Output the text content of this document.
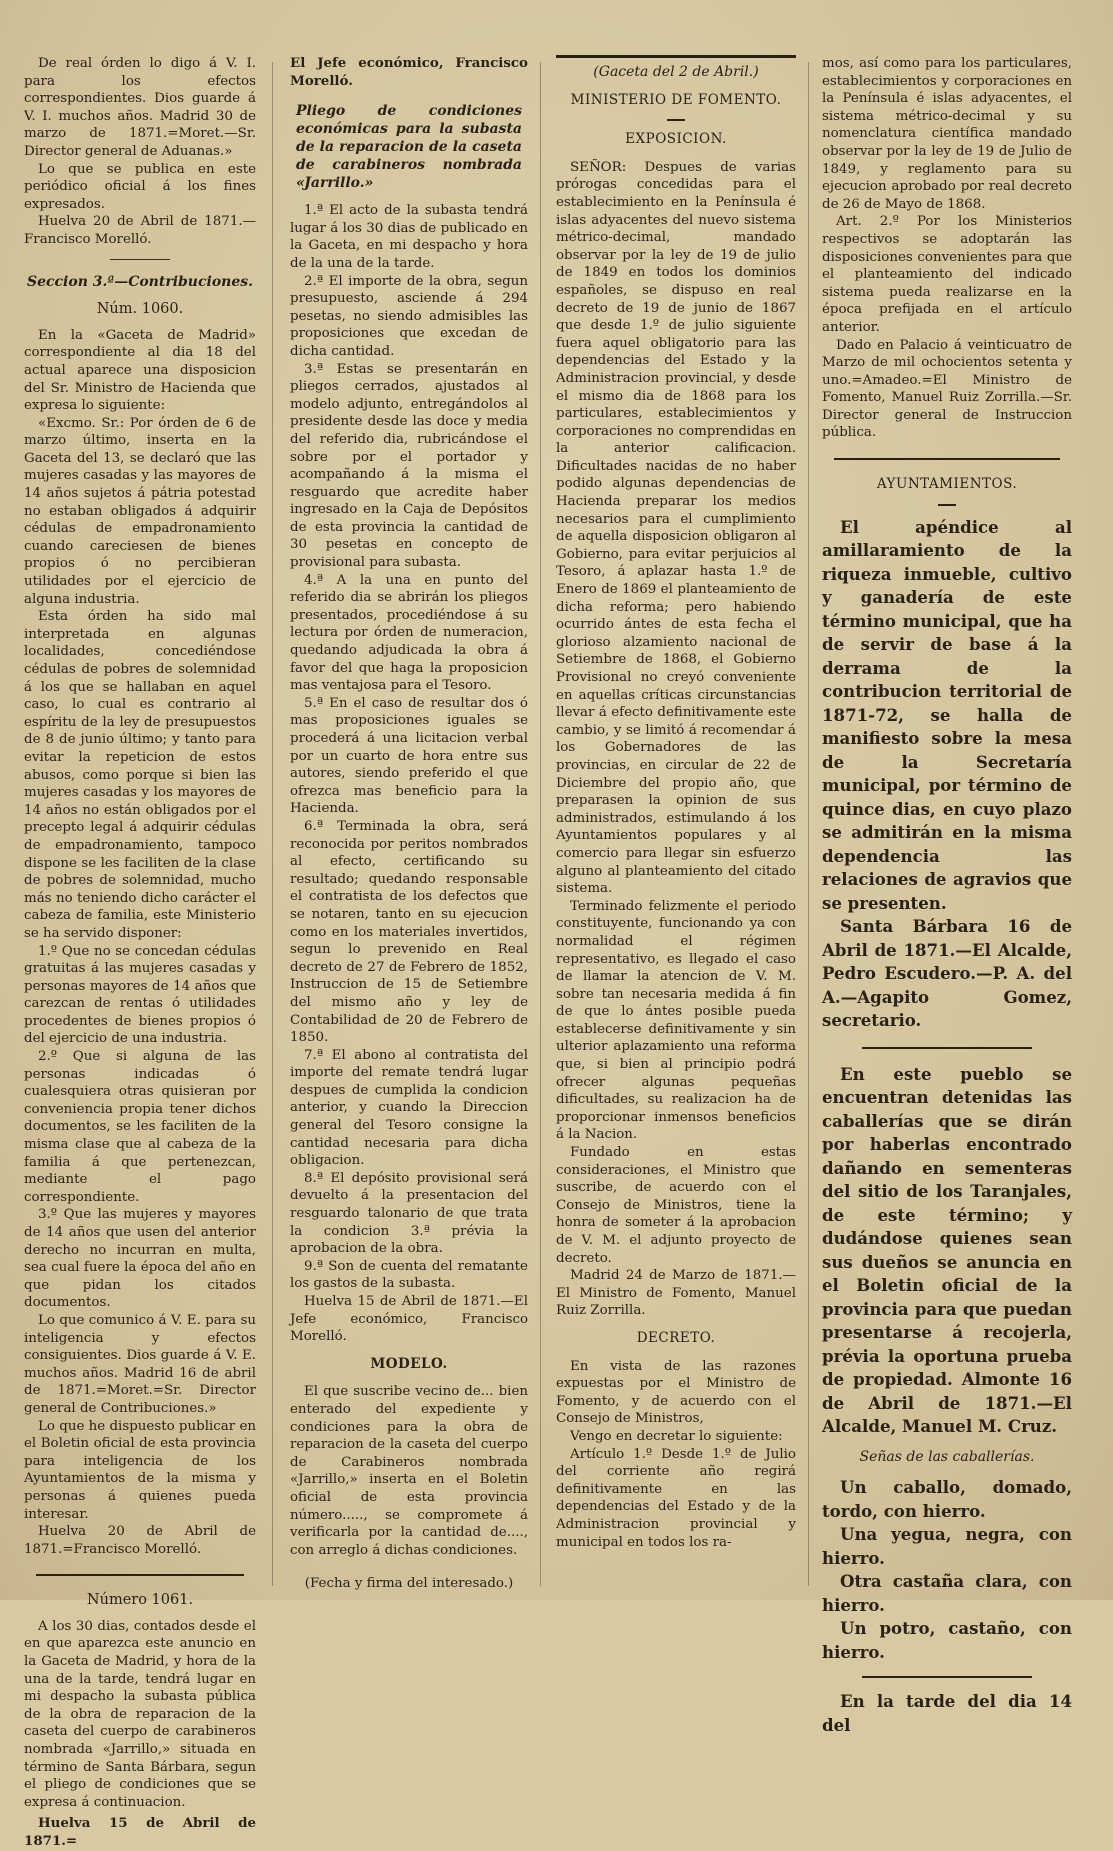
De real órden lo digo á V. I. para los efectos correspondientes. Dios guarde á V. I. muchos años. Madrid 30 de marzo de 1871.=Moret.—Sr. Director general de Aduanas.»

Lo que se publica en este periódico oficial á los fines expresados.

Huelva 20 de Abril de 1871.—Francisco Morelló.

Seccion 3.ª—Contribuciones.
Núm. 1060.

En la «Gaceta de Madrid» correspondiente al dia 18 del actual aparece una disposicion del Sr. Ministro de Hacienda que expresa lo siguiente:

«Excmo. Sr.: Por órden de 6 de marzo último, inserta en la Gaceta del 13, se declaró que las mujeres casadas y las mayores de 14 años sujetos á pátria potestad no estaban obligados á adquirir cédulas de empadronamiento cuando careciesen de bienes propios ó no percibieran utilidades por el ejercicio de alguna industria.

Esta órden ha sido mal interpretada en algunas localidades, concediéndose cédulas de pobres de solemnidad á los que se hallaban en aquel caso, lo cual es contrario al espíritu de la ley de presupuestos de 8 de junio último; y tanto para evitar la repeticion de estos abusos, como porque si bien las mujeres casadas y los mayores de 14 años no están obligados por el precepto legal á adquirir cédulas de empadronamiento, tampoco dispone se les faciliten de la clase de pobres de solemnidad, mucho más no teniendo dicho carácter el cabeza de familia, este Ministerio se ha servido disponer:

1.º Que no se concedan cédulas gratuitas á las mujeres casadas y personas mayores de 14 años que carezcan de rentas ó utilidades procedentes de bienes propios ó del ejercicio de una industria.

2.º Que si alguna de las personas indicadas ó cualesquiera otras quisieran por conveniencia propia tener dichos documentos, se les faciliten de la misma clase que al cabeza de la familia á que pertenezcan, mediante el pago correspondiente.

3.º Que las mujeres y mayores de 14 años que usen del anterior derecho no incurran en multa, sea cual fuere la época del año en que pidan los citados documentos.

Lo que comunico á V. E. para su inteligencia y efectos consiguientes. Dios guarde á V. E. muchos años. Madrid 16 de abril de 1871.=Moret.=Sr. Director general de Contribuciones.»

Lo que he dispuesto publicar en el Boletin oficial de esta provincia para inteligencia de los Ayuntamientos de la misma y personas á quienes pueda interesar.

Huelva 20 de Abril de 1871.=Francisco Morelló.

Número 1061.

A los 30 dias, contados desde el en que aparezca este anuncio en la Gaceta de Madrid, y hora de la una de la tarde, tendrá lugar en mi despacho la subasta pública de la obra de reparacion de la caseta del cuerpo de carabineros nombrada «Jarrillo,» situada en término de Santa Bárbara, segun el pliego de condiciones que se expresa á continuacion.

Huelva 15 de Abril de 1871.=

El Jefe económico, Francisco Morelló.

Pliego de condiciones económicas para la subasta de la reparacion de la caseta de carabineros nombrada «Jarrillo.»

1.ª El acto de la subasta tendrá lugar á los 30 dias de publicado en la Gaceta, en mi despacho y hora de la una de la tarde.

2.ª El importe de la obra, segun presupuesto, asciende á 294 pesetas, no siendo admisibles las proposiciones que excedan de dicha cantidad.

3.ª Estas se presentarán en pliegos cerrados, ajustados al modelo adjunto, entregándolos al presidente desde las doce y media del referido dia, rubricándose el sobre por el portador y acompañando á la misma el resguardo que acredite haber ingresado en la Caja de Depósitos de esta provincia la cantidad de 30 pesetas en concepto de provisional para subasta.

4.ª A la una en punto del referido dia se abrirán los pliegos presentados, procediéndose á su lectura por órden de numeracion, quedando adjudicada la obra á favor del que haga la proposicion mas ventajosa para el Tesoro.

5.ª En el caso de resultar dos ó mas proposiciones iguales se procederá á una licitacion verbal por un cuarto de hora entre sus autores, siendo preferido el que ofrezca mas beneficio para la Hacienda.

6.ª Terminada la obra, será reconocida por peritos nombrados al efecto, certificando su resultado; quedando responsable el contratista de los defectos que se notaren, tanto en su ejecucion como en los materiales invertidos, segun lo prevenido en Real decreto de 27 de Febrero de 1852, Instruccion de 15 de Setiembre del mismo año y ley de Contabilidad de 20 de Febrero de 1850.

7.ª El abono al contratista del importe del remate tendrá lugar despues de cumplida la condicion anterior, y cuando la Direccion general del Tesoro consigne la cantidad necesaria para dicha obligacion.

8.ª El depósito provisional será devuelto á la presentacion del resguardo talonario de que trata la condicion 3.ª prévia la aprobacion de la obra.

9.ª Son de cuenta del rematante los gastos de la subasta.

Huelva 15 de Abril de 1871.—El Jefe económico, Francisco Morelló.

MODELO.

El que suscribe vecino de... bien enterado del expediente y condiciones para la obra de reparacion de la caseta del cuerpo de Carabineros nombrada «Jarrillo,» inserta en el Boletin oficial de esta provincia número....., se compromete á verificarla por la cantidad de...., con arreglo á dichas condiciones.

(Fecha y firma del interesado.)
(Gaceta del 2 de Abril.)
MINISTERIO DE FOMENTO.
EXPOSICION.

SEÑOR: Despues de varias prórogas concedidas para el establecimiento en la Península é islas adyacentes del nuevo sistema métrico-decimal, mandado observar por la ley de 19 de julio de 1849 en todos los dominios españoles, se dispuso en real decreto de 19 de junio de 1867 que desde 1.º de julio siguiente fuera aquel obligatorio para las dependencias del Estado y la Administracion provincial, y desde el mismo dia de 1868 para los particulares, establecimientos y corporaciones no comprendidas en la anterior calificacion. Dificultades nacidas de no haber podido algunas dependencias de Hacienda preparar los medios necesarios para el cumplimiento de aquella disposicion obligaron al Gobierno, para evitar perjuicios al Tesoro, á aplazar hasta 1.º de Enero de 1869 el planteamiento de dicha reforma; pero habiendo ocurrido ántes de esta fecha el glorioso alzamiento nacional de Setiembre de 1868, el Gobierno Provisional no creyó conveniente en aquellas críticas circunstancias llevar á efecto definitivamente este cambio, y se limitó á recomendar á los Gobernadores de las provincias, en circular de 22 de Diciembre del propio año, que preparasen la opinion de sus administrados, estimulando á los Ayuntamientos populares y al comercio para llegar sin esfuerzo alguno al planteamiento del citado sistema.

Terminado felizmente el periodo constituyente, funcionando ya con normalidad el régimen representativo, es llegado el caso de llamar la atencion de V. M. sobre tan necesaria medida á fin de que lo ántes posible pueda establecerse definitivamente y sin ulterior aplazamiento una reforma que, si bien al principio podrá ofrecer algunas pequeñas dificultades, su realizacion ha de proporcionar inmensos beneficios á la Nacion.

Fundado en estas consideraciones, el Ministro que suscribe, de acuerdo con el Consejo de Ministros, tiene la honra de someter á la aprobacion de V. M. el adjunto proyecto de decreto.

Madrid 24 de Marzo de 1871.—El Ministro de Fomento, Manuel Ruiz Zorrilla.

DECRETO.

En vista de las razones expuestas por el Ministro de Fomento, y de acuerdo con el Consejo de Ministros,

Vengo en decretar lo siguiente:

Artículo 1.º Desde 1.º de Julio del corriente año regirá definitivamente en las dependencias del Estado y de la Administracion provincial y municipal en todos los ra-

mos, así como para los particulares, establecimientos y corporaciones en la Península é islas adyacentes, el sistema métrico-decimal y su nomenclatura científica mandado observar por la ley de 19 de Julio de 1849, y reglamento para su ejecucion aprobado por real decreto de 26 de Mayo de 1868.

Art. 2.º Por los Ministerios respectivos se adoptarán las disposiciones convenientes para que el planteamiento del indicado sistema pueda realizarse en la época prefijada en el artículo anterior.

Dado en Palacio á veinticuatro de Marzo de mil ochocientos setenta y uno.=Amadeo.=El Ministro de Fomento, Manuel Ruiz Zorrilla.—Sr. Director general de Instruccion pública.

AYUNTAMIENTOS.

El apéndice al amillaramiento de la riqueza inmueble, cultivo y ganadería de este término municipal, que ha de servir de base á la derrama de la contribucion territorial de 1871-72, se halla de manifiesto sobre la mesa de la Secretaría municipal, por término de quince dias, en cuyo plazo se admitirán en la misma dependencia las relaciones de agravios que se presenten.

Santa Bárbara 16 de Abril de 1871.—El Alcalde, Pedro Escudero.—P. A. del A.—Agapito Gomez, secretario.

En este pueblo se encuentran detenidas las caballerías que se dirán por haberlas encontrado dañando en sementeras del sitio de los Taranjales, de este término; y dudándose quienes sean sus dueños se anuncia en el Boletin oficial de la provincia para que puedan presentarse á recojerla, prévia la oportuna prueba de propiedad. Almonte 16 de Abril de 1871.—El Alcalde, Manuel M. Cruz.

Señas de las caballerías.

Un caballo, domado, tordo, con hierro.

Una yegua, negra, con hierro.

Otra castaña clara, con hierro.

Un potro, castaño, con hierro.

En la tarde del dia 14 del
